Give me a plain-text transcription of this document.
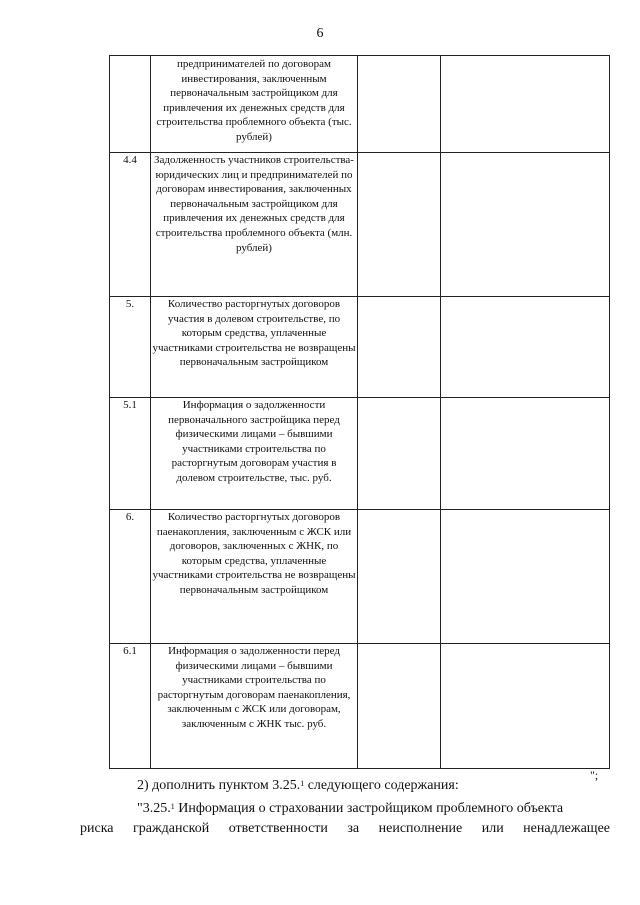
6
	предпринимателей по договорам инвестирования, заключенным первоначальным застройщиком для привлечения их денежных средств для строительства проблемного объекта (тыс. рублей)		
4.4	Задолженность участников строительства-юридических лиц и предпринимателей по договорам инвестирования, заключенных первоначальным застройщиком для привлечения их денежных средств для строительства проблемного объекта (млн. рублей)		
5.	Количество расторгнутых договоров участия в долевом строительстве, по которым средства, уплаченные участниками строительства не возвращены первоначальным застройщиком		
5.1	Информация о задолженности первоначального застройщика перед физическими лицами – бывшими участниками строительства по расторгнутым договорам участия в долевом строительстве, тыс. руб.		
6.	Количество расторгнутых договоров паенакопления, заключенным с ЖСК или договоров, заключенных с ЖНК, по которым средства, уплаченные участниками строительства не возвращены первоначальным застройщиком		
6.1	Информация о задолженности перед физическими лицами – бывшими участниками строительства по расторгнутым договорам паенакопления, заключенным с ЖСК или договорам, заключенным с ЖНК тыс. руб.		
";
2) дополнить пунктом 3.25.$^1$ следующего содержания:
"3.25.$^1$ Информация о страховании застройщиком проблемного объекта
риска гражданской ответственности за неисполнение или ненадлежащее
